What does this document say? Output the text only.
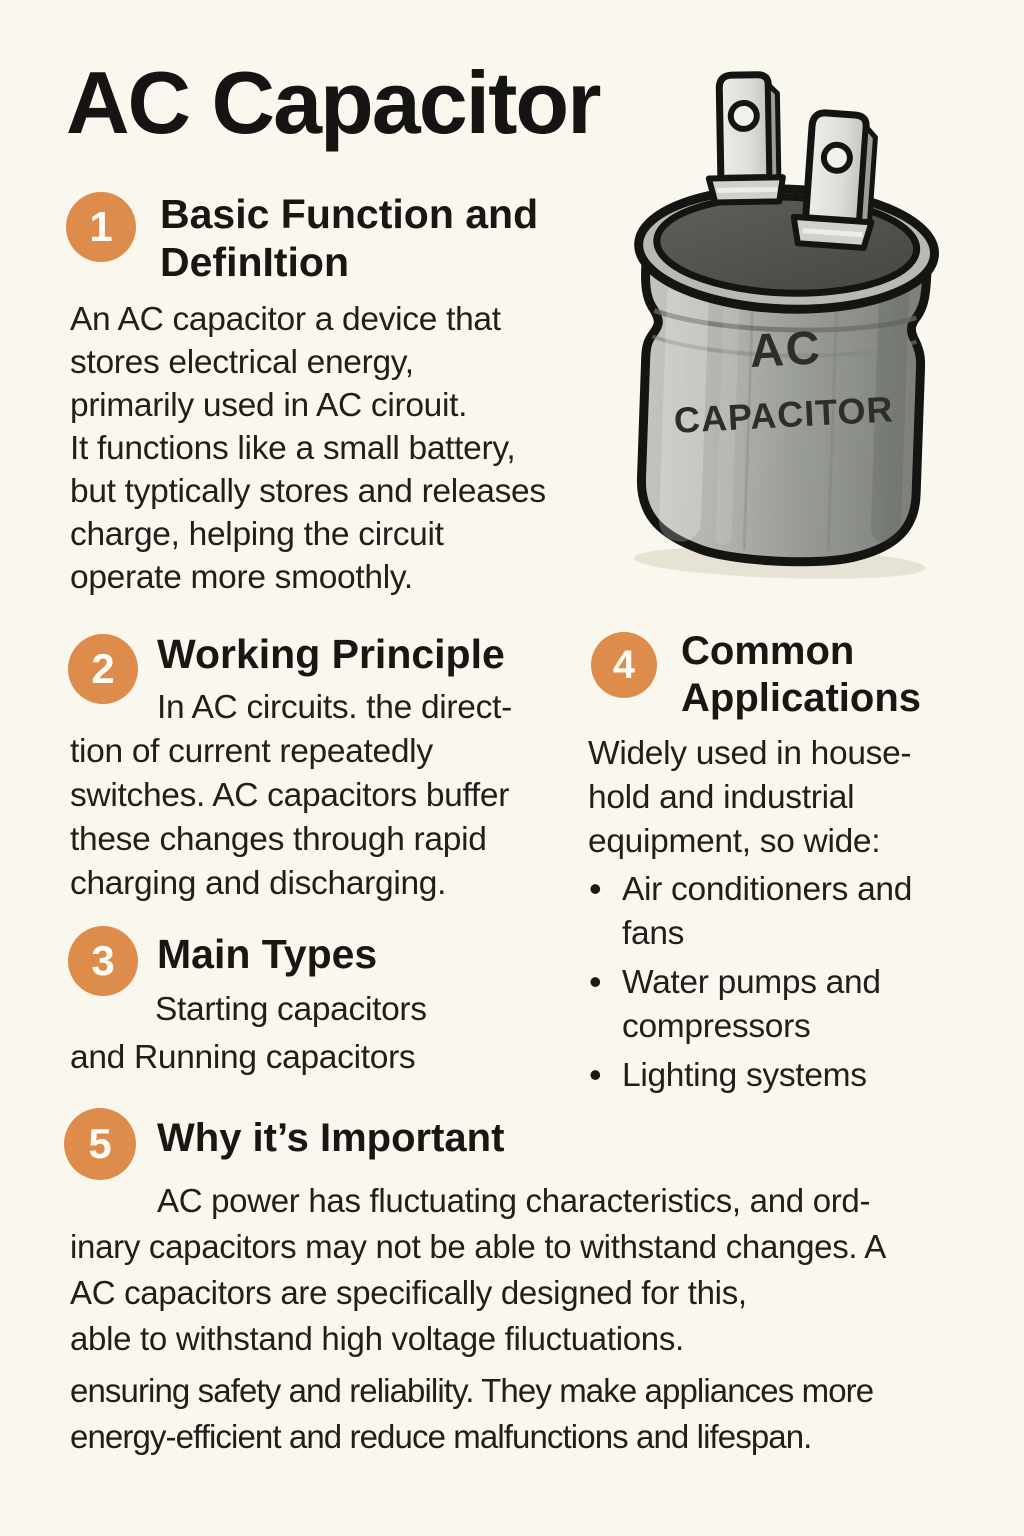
AC Capacitor
AC
CAPACITOR
1 Basic Function and
DefinItion
An AC capacitor a device that
stores electrical energy,
primarily used in AC cirouit.
It functions like a small battery,
but typtically stores and releases
charge, helping the circuit
operate more smoothly.
2 Working Principle
In AC circuits. the direct-
tion of current repeatedly
switches. AC capacitors buffer
these changes through rapid
charging and discharging.
3 Main Types
Starting capacitors
and Running capacitors
4 Common
Applications
Widely used in house-
hold and industrial
equipment, so wide:
• Air conditioners and fans
• Water pumps and compressors
• Lighting systems
5 Why it’s Important
AC power has fluctuating characteristics, and ord-
inary capacitors may not be able to withstand changes. A
AC capacitors are specifically designed for this,
able to withstand high voltage filuctuations.
ensuring safety and reliability. They make appliances more
energy-efficient and reduce malfunctions and lifespan.
